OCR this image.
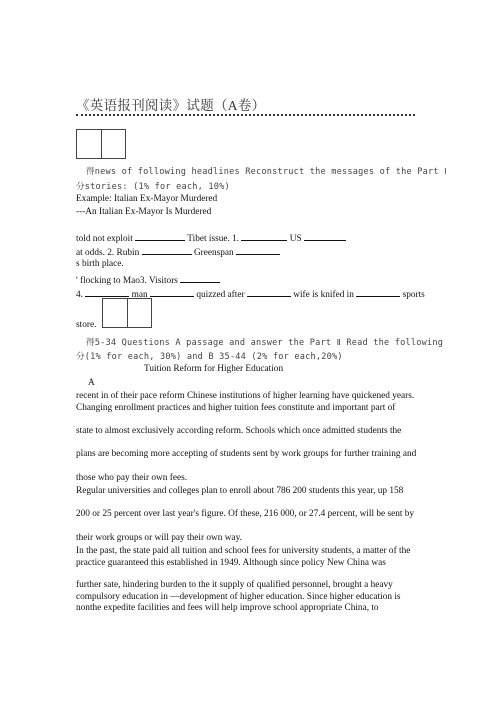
《英语报刊阅读》试题（A卷）
得news of following headlines Reconstruct the messages of the Part Ⅰ
分stories: (1% for each, 10%)
Example: Italian Ex-Mayor Murdered
---An Italian Ex-Mayor Is Murdered
told not exploit	Tibet issue. 1.	US
at odds. 2. Rubin	Greenspan
s birth place.
' flocking to Mao3. Visitors
4.	man	quizzed after	wife is knifed in	sports
store.
得5-34 Questions A passage and answer the Part Ⅱ Read the following
分(1% for each, 30%) and B 35-44 (2% for each,20%)
Tuition Reform for Higher Education
A
recent in of their pace reform Chinese institutions of higher learning have quickened years. Changing enrollment practices and higher tuition fees constitute and important part of
state to almost exclusively according reform. Schools which once admitted students the
plans are becoming more accepting of students sent by work groups for further training and
those who pay their own fees.
Regular universities and colleges plan to enroll about 786 200 students this year, up 158
200 or 25 percent over last year's figure. Of these, 216 000, or 27.4 percent, will be sent by
their work groups or will pay their own way.
In the past, the state paid all tuition and school fees for university students, a matter of the practice guaranteed this established in 1949. Although since policy New China was
further sate, hindering burden to the it supply of qualified personnel, brought a heavy compulsory education in —development of higher education. Since higher education is nonthe expedite facilities and fees will help improve school appropriate China, to
